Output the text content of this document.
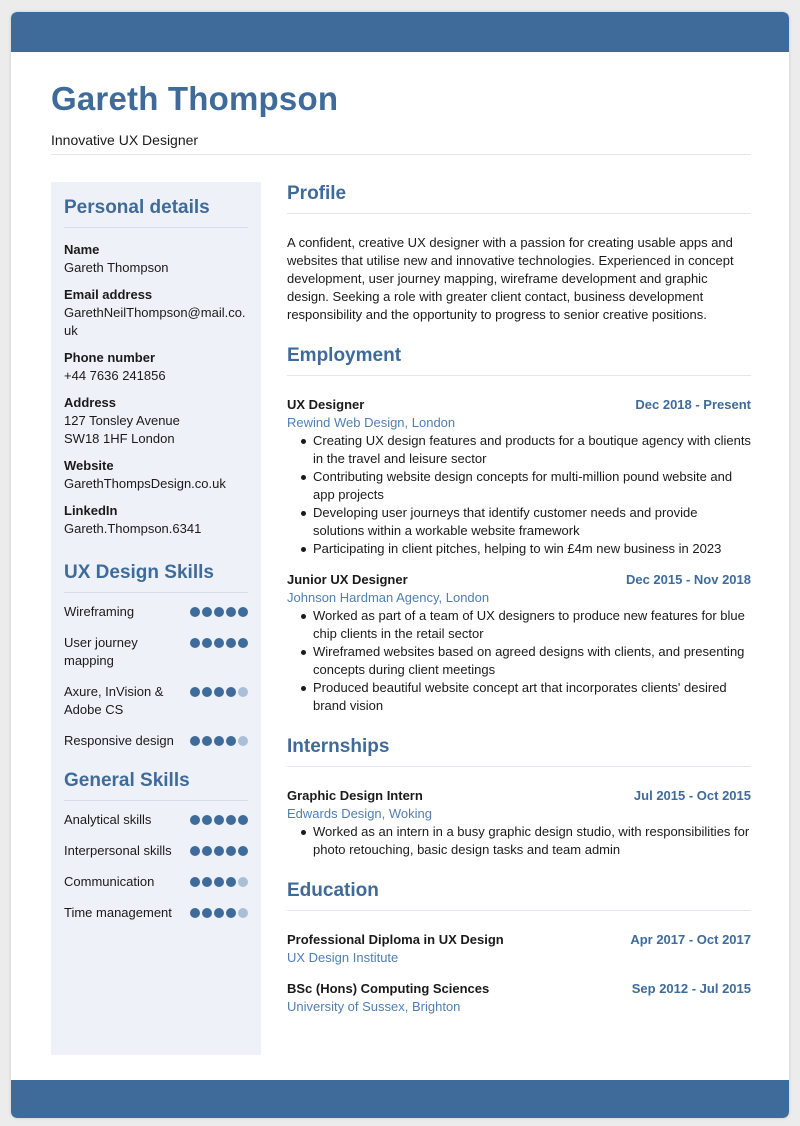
Gareth Thompson
Innovative UX Designer
Personal details
Name
Gareth Thompson
Email address
GarethNeilThompson@mail.co.uk
Phone number
+44 7636 241856
Address
127 Tonsley Avenue
SW18 1HF London
Website
GarethThompsDesign.co.uk
LinkedIn
Gareth.Thompson.6341
UX Design Skills
Wireframing
User journey mapping
Axure, InVision & Adobe CS
Responsive design
General Skills
Analytical skills
Interpersonal skills
Communication
Time management
Profile

A confident, creative UX designer with a passion for creating usable apps and websites that utilise new and innovative technologies. Experienced in concept development, user journey mapping, wireframe development and graphic design. Seeking a role with greater client contact, business development responsibility and the opportunity to progress to senior creative positions.

Employment
UX Designer	Dec 2018 - Present
Rewind Web Design, London
Creating UX design features and products for a boutique agency with clients in the travel and leisure sector
Contributing website design concepts for multi-million pound website and app projects
Developing user journeys that identify customer needs and provide solutions within a workable website framework
Participating in client pitches, helping to win £4m new business in 2023
Junior UX Designer	Dec 2015 - Nov 2018
Johnson Hardman Agency, London
Worked as part of a team of UX designers to produce new features for blue chip clients in the retail sector
Wireframed websites based on agreed designs with clients, and presenting concepts during client meetings
Produced beautiful website concept art that incorporates clients' desired brand vision
Internships
Graphic Design Intern	Jul 2015 - Oct 2015
Edwards Design, Woking
Worked as an intern in a busy graphic design studio, with responsibilities for photo retouching, basic design tasks and team admin
Education
Professional Diploma in UX Design	Apr 2017 - Oct 2017
UX Design Institute
BSc (Hons) Computing Sciences	Sep 2012 - Jul 2015
University of Sussex, Brighton
